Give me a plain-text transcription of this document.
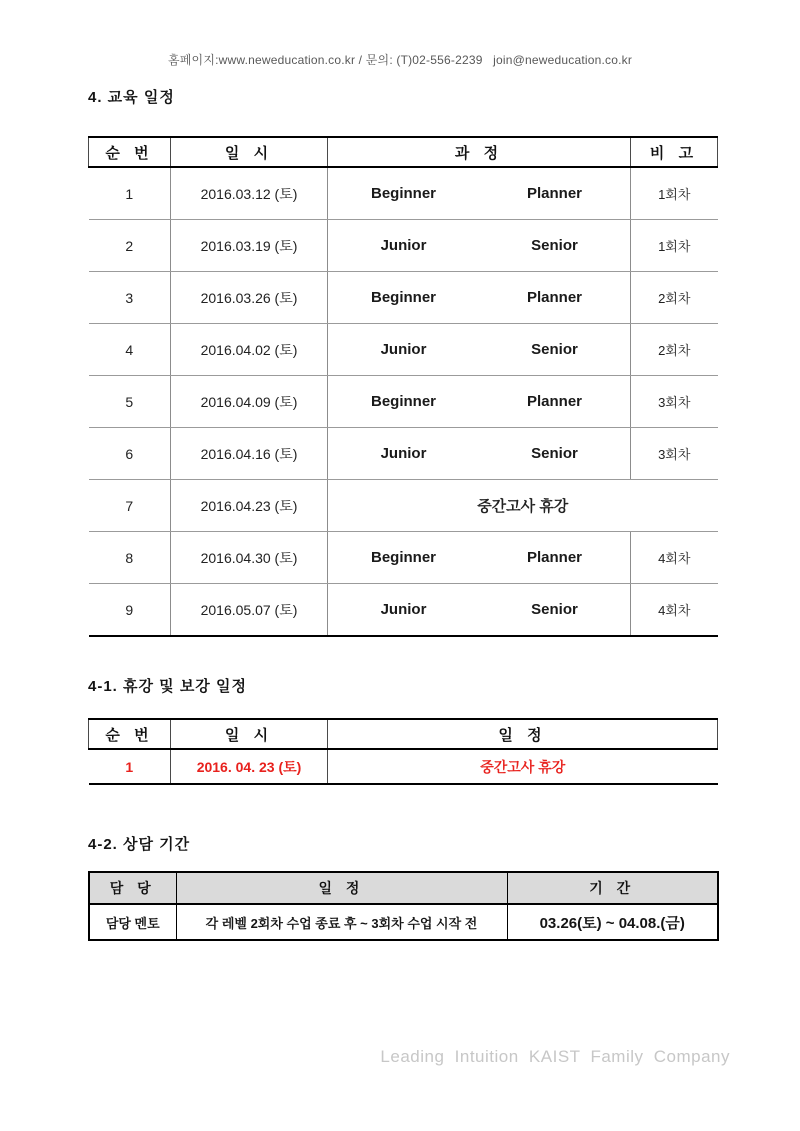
홈페이지:www.neweducation.co.kr / 문의: (T)02-556-2239   join@neweducation.co.kr
4. 교육 일정
순 번	일 시	과 정	비 고
1	2016.03.12 (토)	Beginner Planner	1회차
2	2016.03.19 (토)	Junior Senior	1회차
3	2016.03.26 (토)	Beginner Planner	2회차
4	2016.04.02 (토)	Junior Senior	2회차
5	2016.04.09 (토)	Beginner Planner	3회차
6	2016.04.16 (토)	Junior Senior	3회차
7	2016.04.23 (토)	중간고사 휴강	
8	2016.04.30 (토)	Beginner Planner	4회차
9	2016.05.07 (토)	Junior Senior	4회차
4-1. 휴강 및 보강 일정
순 번	일 시	일 정
1	2016. 04. 23 (토)	중간고사 휴강
4-2. 상담 기간
담 당	일 정	기 간
담당 멘토	각 레벨 2회차 수업 종료 후 ~ 3회차 수업 시작 전	03.26(토) ~ 04.08.(금)
Leading Intuition KAIST Family Company
